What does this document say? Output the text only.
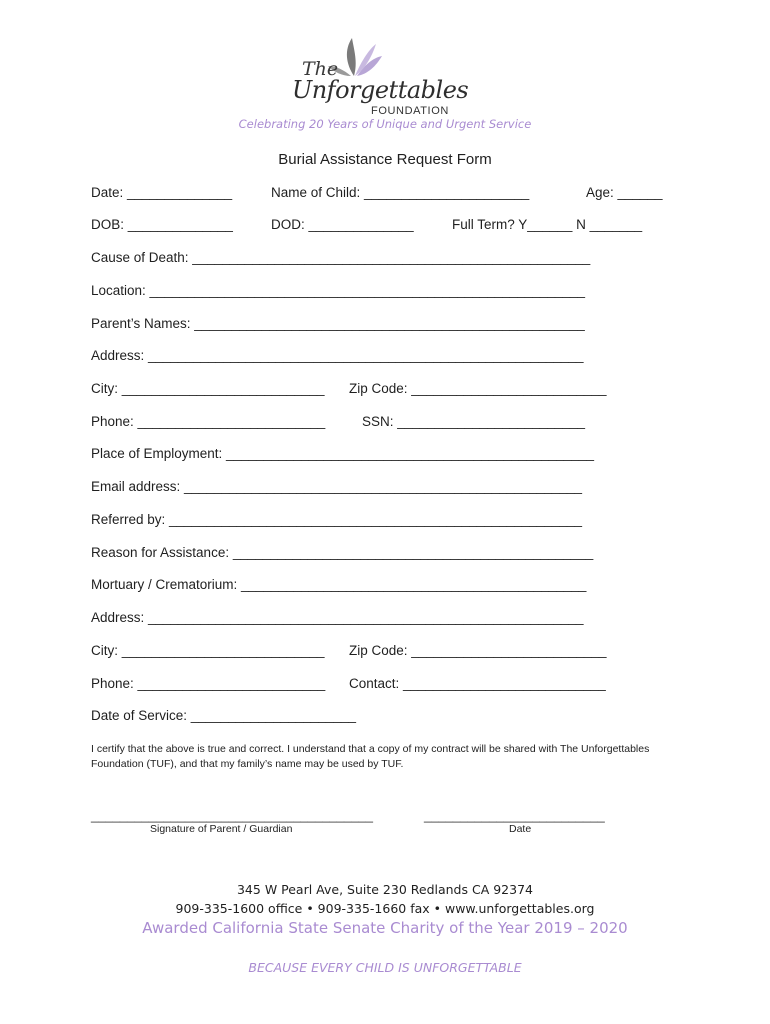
The
Unforgettables
FOUNDATION
Celebrating 20 Years of Unique and Urgent Service
Burial Assistance Request Form
Date: ______________	Name of Child: ______________________	Age: ______
DOB: ______________	DOD: ______________	Full Term? Y______ N _______
Cause of Death: _____________________________________________________
Location: __________________________________________________________
Parent’s Names: ____________________________________________________
Address: __________________________________________________________
City: ___________________________ Zip Code: __________________________
Phone: _________________________	SSN: _________________________
Place of Employment: _________________________________________________
Email address: _____________________________________________________
Referred by: _______________________________________________________
Reason for Assistance: ________________________________________________
Mortuary / Crematorium: ______________________________________________
Address: __________________________________________________________
City: ___________________________ Zip Code: __________________________
Phone: _________________________ Contact: ___________________________
Date of Service: ______________________
I certify that the above is true and correct. I understand that a copy of my contract will be shared with The Unforgettables Foundation (TUF), and that my family’s name may be used by TUF.
_______________________________________
Signature of Parent / Guardian
_________________________
Date
345 W Pearl Ave, Suite 230 Redlands CA 92374
909-335-1600 office • 909-335-1660 fax • www.unforgettables.org
Awarded California State Senate Charity of the Year 2019 – 2020
BECAUSE EVERY CHILD IS UNFORGETTABLE
